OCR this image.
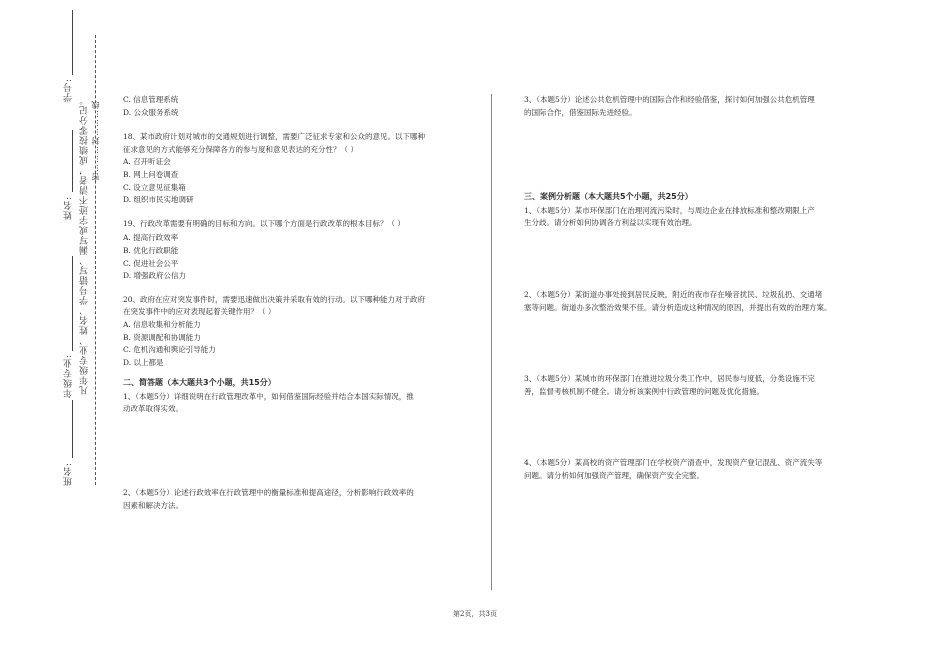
学号:
姓名:
年级专业:
班名:
凡年级专业、姓名、学号错写、漏写或字迹不清者，成绩按零分记。 密………封………线
C. 信息管理系统
D. 公众服务系统
18、某市政府计划对城市的交通规划进行调整，需要广泛征求专家和公众的意见。以下哪种
征求意见的方式能够充分保障各方的参与度和意见表达的充分性？（ ）
A. 召开听证会
B. 网上问卷调查
C. 设立意见征集箱
D. 组织市民实地调研
19、行政改革需要有明确的目标和方向。以下哪个方面是行政改革的根本目标？（ ）
A. 提高行政效率
B. 优化行政职能
C. 促进社会公平
D. 增强政府公信力
20、政府在应对突发事件时，需要迅速做出决策并采取有效的行动。以下哪种能力对于政府
在突发事件中的应对表现起着关键作用？（ ）
A. 信息收集和分析能力
B. 资源调配和协调能力
C. 危机沟通和舆论引导能力
D. 以上都是
二、简答题（本大题共3个小题，共15分）
1、（本题5分）详细说明在行政管理改革中，如何借鉴国际经验并结合本国实际情况，推
动改革取得实效。
2、（本题5分）论述行政效率在行政管理中的衡量标准和提高途径，分析影响行政效率的
因素和解决方法。
3、（本题5分）论述公共危机管理中的国际合作和经验借鉴，探讨如何加强公共危机管理
的国际合作，借鉴国际先进经验。
三、案例分析题（本大题共5个小题，共25分）
1、（本题5分）某市环保部门在治理河流污染时，与周边企业在排放标准和整改期限上产
生分歧。请分析如何协调各方利益以实现有效治理。
2、（本题5分）某街道办事处接到居民反映，附近的夜市存在噪音扰民、垃圾乱扔、交通堵
塞等问题。街道办多次整治效果不佳。请分析造成这种情况的原因，并提出有效的治理方案。
3、（本题5分）某城市的环保部门在推进垃圾分类工作中，居民参与度低，分类设施不完
善，监督考核机制不健全。请分析该案例中行政管理的问题及优化措施。
4、（本题5分）某高校的资产管理部门在学校资产清查中，发现资产登记混乱、资产流失等
问题。请分析如何加强资产管理，确保资产安全完整。
第2页，共3页
